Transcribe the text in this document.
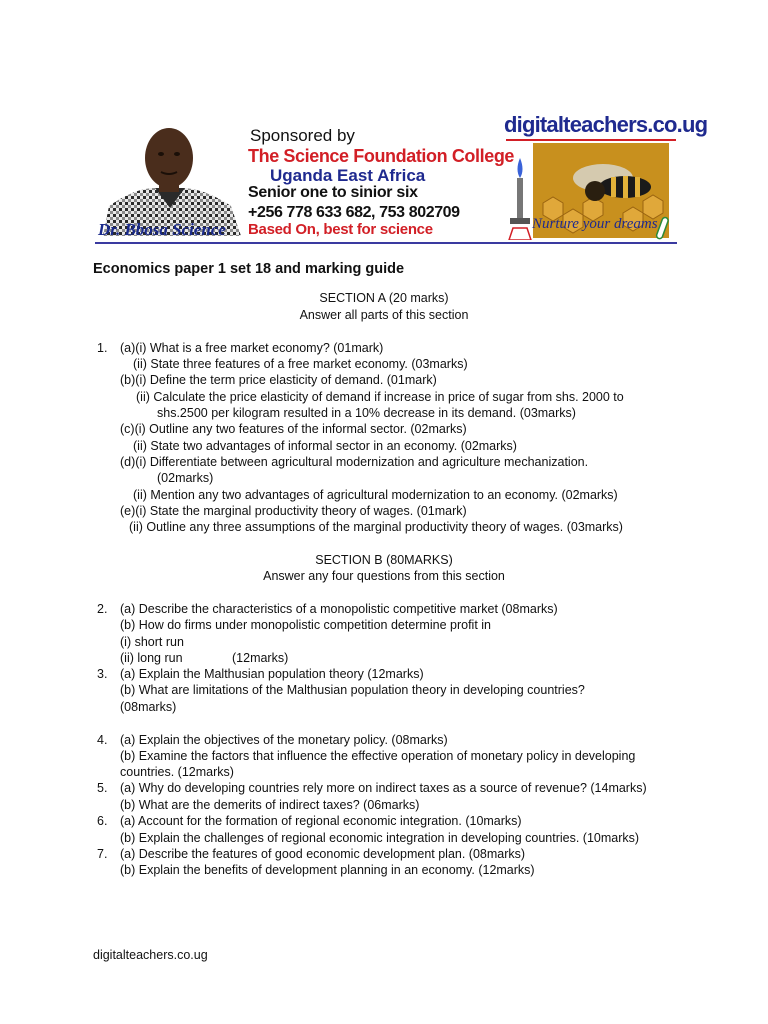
Dr. Bbosa Science
Sponsored by
The Science Foundation College
Uganda East Africa
Senior one to sinior six
+256 778 633 682, 753 802709
Based On, best for science
digitalteachers.co.ug
Nurture your dreams
Economics paper 1 set 18 and marking guide
SECTION A (20 marks)
Answer all parts of this section
1. (a)(i) What is a free market economy? (01mark)
(ii) State three features of a free market economy. (03marks)
(b)(i) Define the term price elasticity of demand. (01mark)
(ii) Calculate the price elasticity of demand if increase in price of sugar from shs. 2000 to
shs.2500 per kilogram resulted in a 10% decrease in its demand. (03marks)
(c)(i) Outline any two features of the informal sector. (02marks)
(ii) State two advantages of informal sector in an economy. (02marks)
(d)(i) Differentiate between agricultural modernization and agriculture mechanization.
(02marks)
(ii) Mention any two advantages of agricultural modernization to an economy. (02marks)
(e)(i) State the marginal productivity theory of wages. (01mark)
(ii) Outline any three assumptions of the marginal productivity theory of wages. (03marks)
SECTION B (80MARKS)
Answer any four questions from this section
2. (a) Describe the characteristics of a monopolistic competitive market (08marks)
(b) How do firms under monopolistic competition determine profit in
(i) short run
(ii) long run	(12marks)
3. (a) Explain the Malthusian population theory (12marks)
(b) What are limitations of the Malthusian population theory in developing countries?
(08marks)
4. (a) Explain the objectives of the monetary policy. (08marks)
(b) Examine the factors that influence the effective operation of monetary policy in developing
countries. (12marks)
5. (a) Why do developing countries rely more on indirect taxes as a source of revenue? (14marks)
(b) What are the demerits of indirect taxes? (06marks)
6. (a) Account for the formation of regional economic integration. (10marks)
(b) Explain the challenges of regional economic integration in developing countries. (10marks)
7. (a) Describe the features of good economic development plan. (08marks)
(b) Explain the benefits of development planning in an economy. (12marks)
digitalteachers.co.ug
